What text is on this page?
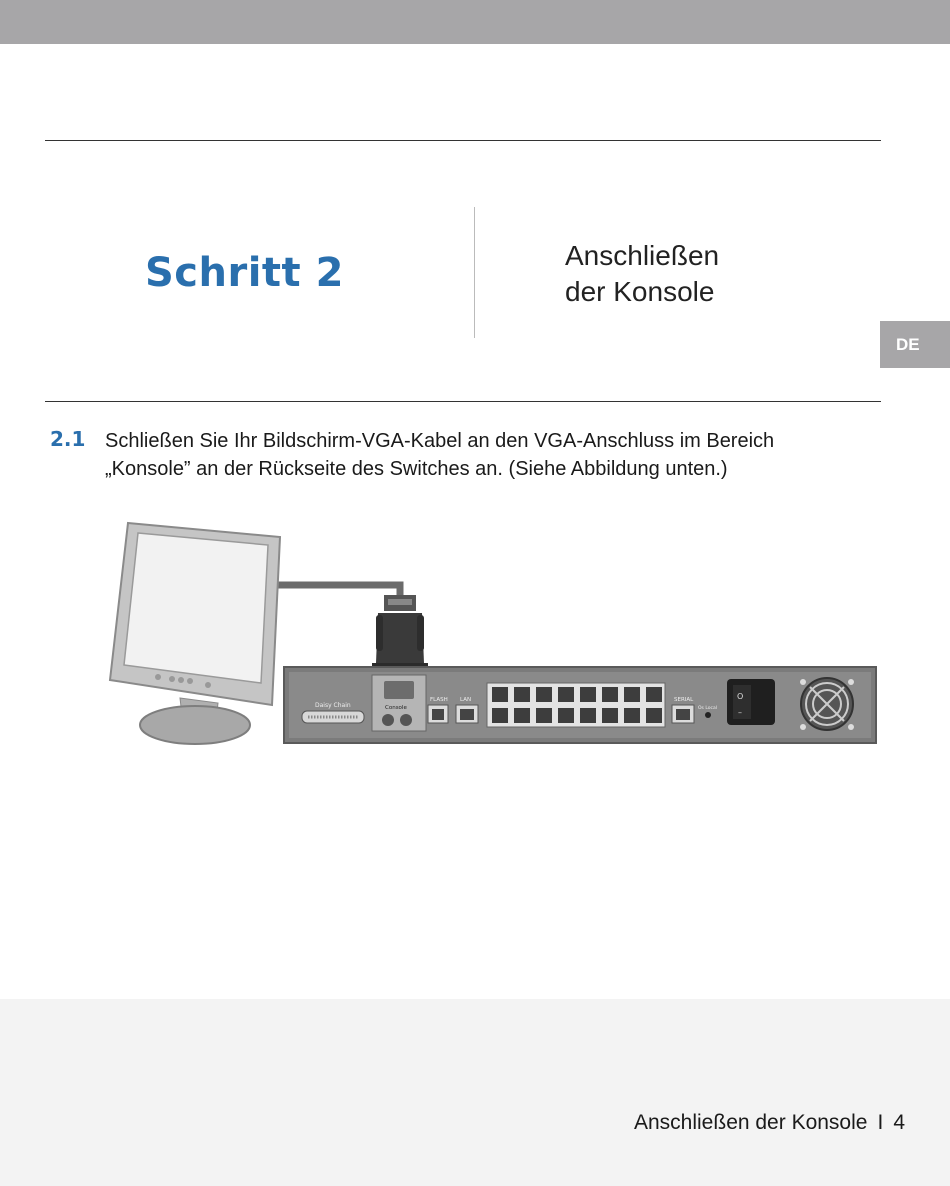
Schritt 2	Anschließen
der Konsole
DE
2.1 Schließen Sie Ihr Bildschirm-VGA-Kabel an den VGA-Anschluss im Bereich
„Konsole” an der Rückseite des Switches an. (Siehe Abbildung unten.)

Daisy Chain	Console
FLASH LAN	SERIAL
Os Local
O
–
Anschließen der Konsole I 4
